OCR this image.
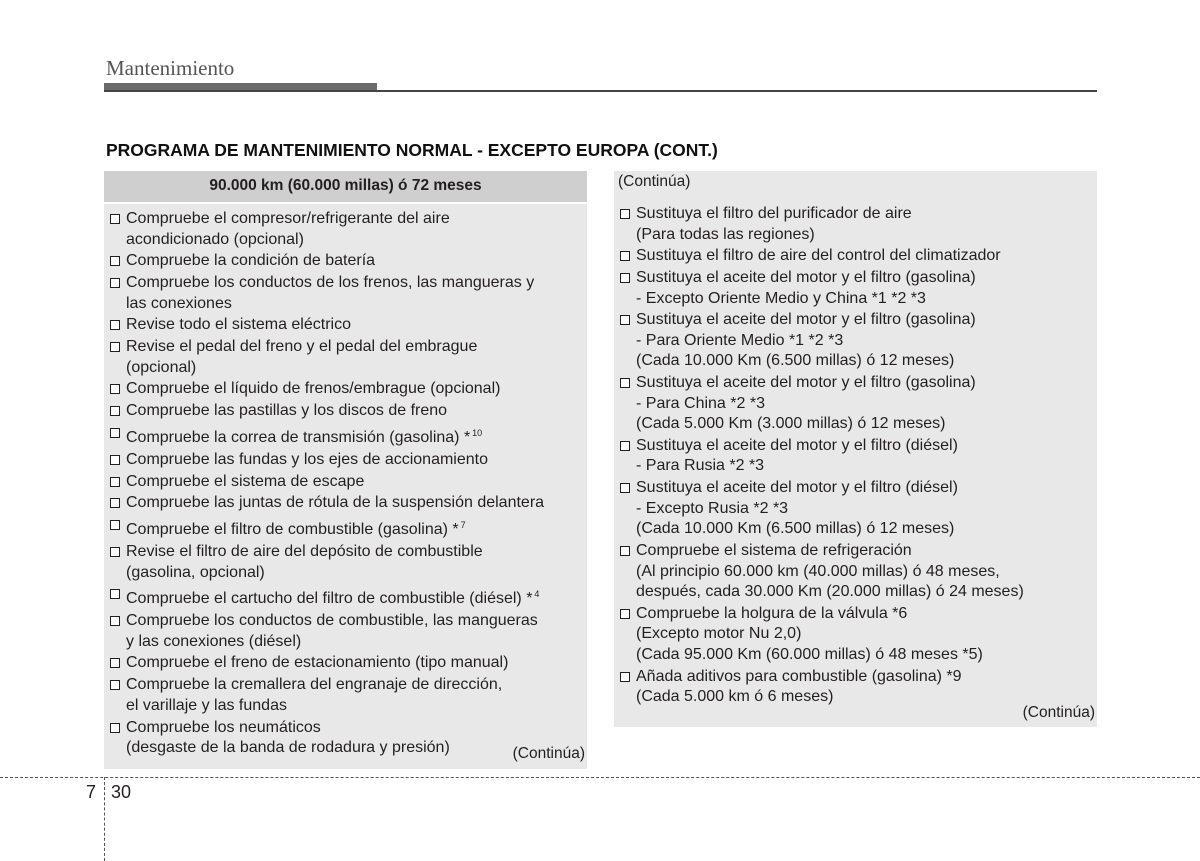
Mantenimiento
PROGRAMA DE MANTENIMIENTO NORMAL - EXCEPTO EUROPA (CONT.)
90.000 km (60.000 millas) ó 72 meses
Compruebe el compresor/refrigerante del aire
acondicionado (opcional)
Compruebe la condición de batería
Compruebe los conductos de los frenos, las mangueras y
las conexiones
Revise todo el sistema eléctrico
Revise el pedal del freno y el pedal del embrague
(opcional)
Compruebe el líquido de frenos/embrague (opcional)
Compruebe las pastillas y los discos de freno
Compruebe la correa de transmisión (gasolina) * $^{10}$
Compruebe las fundas y los ejes de accionamiento
Compruebe el sistema de escape
Compruebe las juntas de rótula de la suspensión delantera
Compruebe el filtro de combustible (gasolina) * $^7$
Revise el filtro de aire del depósito de combustible
(gasolina, opcional)
Compruebe el cartucho del filtro de combustible (diésel) * $^4$
Compruebe los conductos de combustible, las mangueras
y las conexiones (diésel)
Compruebe el freno de estacionamiento (tipo manual)
Compruebe la cremallera del engranaje de dirección,
el varillaje y las fundas
Compruebe los neumáticos
(desgaste de la banda de rodadura y presión)	(Continúa)
(Continúa)
Sustituya el filtro del purificador de aire
(Para todas las regiones)
Sustituya el filtro de aire del control del climatizador
Sustituya el aceite del motor y el filtro (gasolina)
- Excepto Oriente Medio y China *1 *2 *3
Sustituya el aceite del motor y el filtro (gasolina)
- Para Oriente Medio *1 *2 *3
(Cada 10.000 Km (6.500 millas) ó 12 meses)
Sustituya el aceite del motor y el filtro (gasolina)
- Para China *2 *3
(Cada 5.000 Km (3.000 millas) ó 12 meses)
Sustituya el aceite del motor y el filtro (diésel)
- Para Rusia *2 *3
Sustituya el aceite del motor y el filtro (diésel)
- Excepto Rusia *2 *3
(Cada 10.000 Km (6.500 millas) ó 12 meses)
Compruebe el sistema de refrigeración
(Al principio 60.000 km (40.000 millas) ó 48 meses,
después, cada 30.000 Km (20.000 millas) ó 24 meses)
Compruebe la holgura de la válvula *6
(Excepto motor Nu 2,0)
(Cada 95.000 Km (60.000 millas) ó 48 meses *5)
Añada aditivos para combustible (gasolina) *9
(Cada 5.000 km ó 6 meses)
(Continúa)
7 30
